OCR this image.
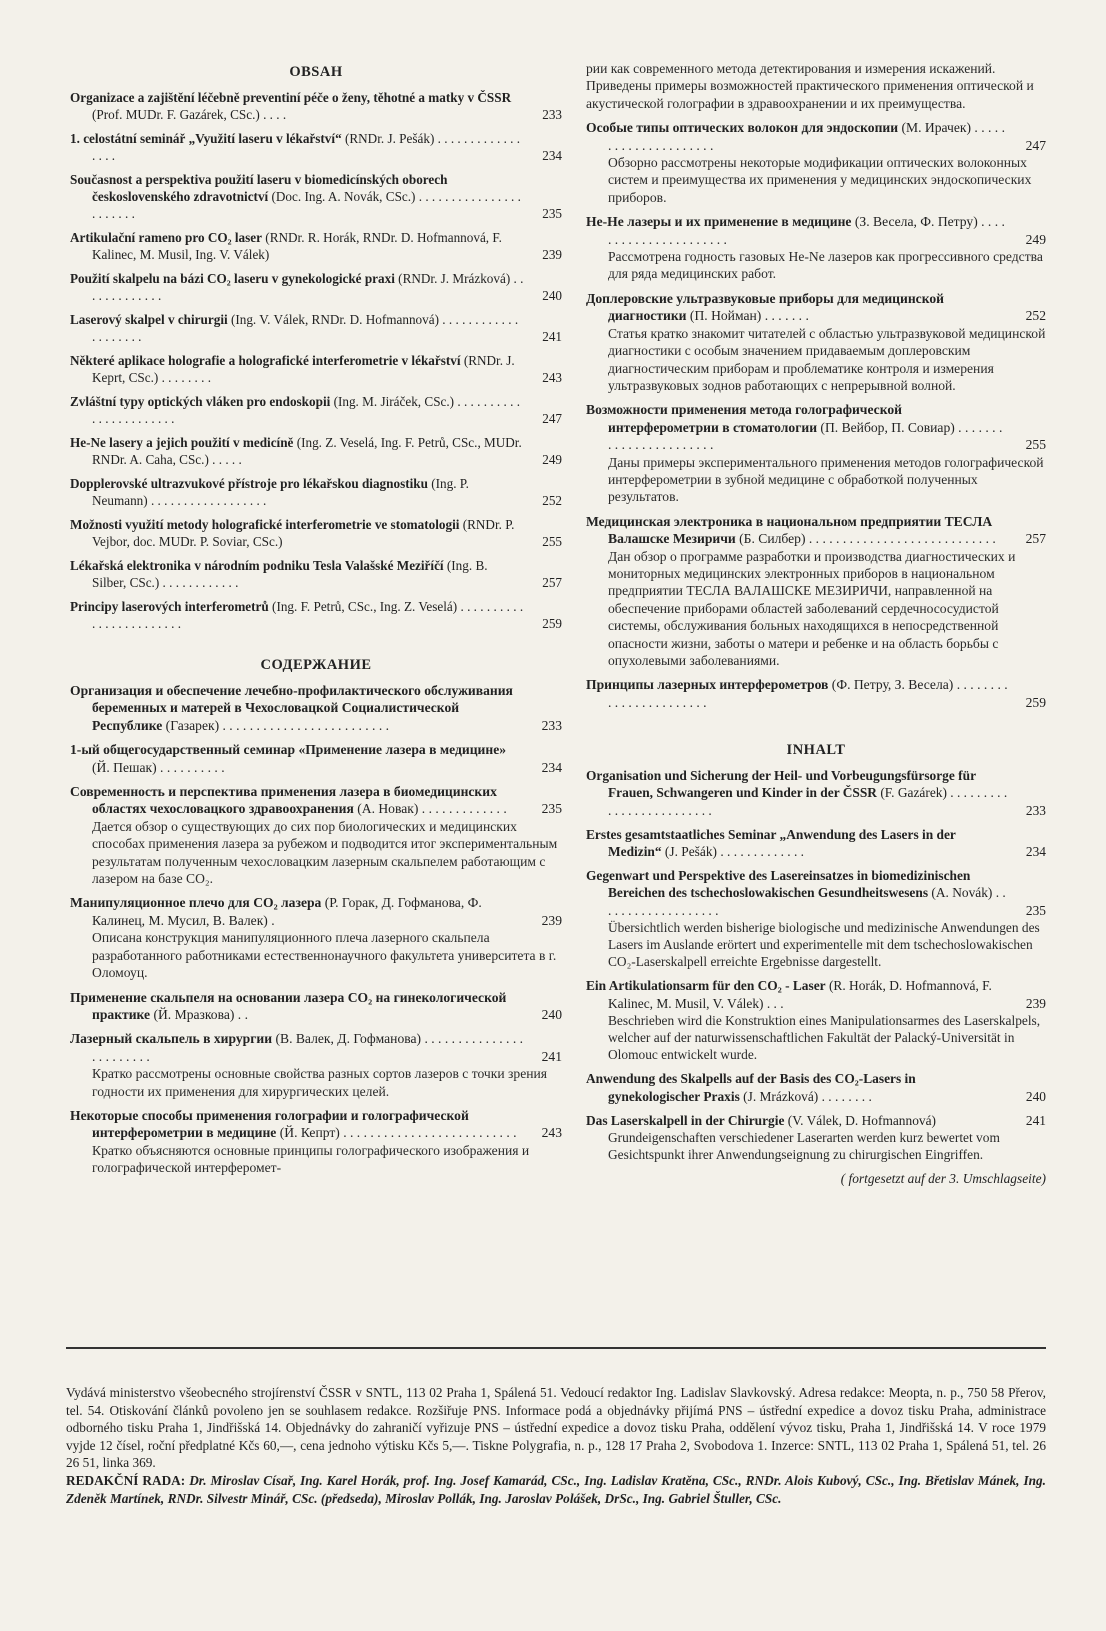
OBSAH
Organizace a zajištění léčebně preventiní péče o ženy, těhotné a matky v ČSSR (Prof. MUDr. F. Gazárek, CSc.) . . . .	233
1. celostátní seminář „Využití laseru v lékařství“ (RNDr. J. Pešák) . . . . . . . . . . . . . . . . .	234
Současnost a perspektiva použití laseru v biomedicínských oborech československého zdravotnictví (Doc. Ing. A. Novák, CSc.) . . . . . . . . . . . . . . . . . . . . . . .	235
Artikulační rameno pro CO₂ laser (RNDr. R. Horák, RNDr. D. Hofmannová, F. Kalinec, M. Musil, Ing. V. Válek)	239
Použití skalpelu na bázi CO₂ laseru v gynekologické praxi (RNDr. J. Mrázková) . . . . . . . . . . . . .	240
Laserový skalpel v chirurgii (Ing. V. Válek, RNDr. D. Hofmannová) . . . . . . . . . . . . . . . . . . . .	241
Některé aplikace holografie a holografické interferometrie v lékařství (RNDr. J. Keprt, CSc.) . . . . . . . .	243
Zvláštní typy optických vláken pro endoskopii (Ing. M. Jiráček, CSc.) . . . . . . . . . . . . . . . . . . . . . . .	247
He-Ne lasery a jejich použití v medicíně (Ing. Z. Veselá, Ing. F. Petrů, CSc., MUDr. RNDr. A. Caha, CSc.) . . . . .	249
Dopplerovské ultrazvukové přístroje pro lékařskou diagnostiku (Ing. P. Neumann) . . . . . . . . . . . . . . . . . .	252
Možnosti využití metody holografické interferometrie ve stomatologii (RNDr. P. Vejbor, doc. MUDr. P. Soviar, CSc.)	255
Lékařská elektronika v národním podniku Tesla Valašské Meziříčí (Ing. B. Silber, CSc.) . . . . . . . . . . . .	257
Principy laserových interferometrů (Ing. F. Petrů, CSc., Ing. Z. Veselá) . . . . . . . . . . . . . . . . . . . . . . . .	259
СОДЕРЖАНИЕ
Организация и обеспечение лечебно-профилактического обслуживания беременных и матерей в Чехословацкой Социалистической Республике (Газарек) . . . . . . . . . . . . . . . . . . . . . . . . .	233
1-ый общегосударственный семинар «Применение лазера в медицине» (Й. Пешак) . . . . . . . . . .	234
Современность и перспектива применения лазера в биомедицинских областях чехословацкого здравоохранения (А. Новак) . . . . . . . . . . . . .	235
Дается обзор о существующих до сих пор биологических и медицинских способах применения лазера за рубежом и подводится итог экспериментальным результатам полученным чехословацким лазерным скальпелем работающим с лазером на базе CO₂.
Манипуляционное плечо для CO₂ лазера (Р. Горак, Д. Гофманова, Ф. Калинец, М. Мусил, В. Валек) .	239
Описана конструкция манипуляционного плеча лазерного скальпела разработанного работниками естественнонаучного факультета университета в г. Оломоуц.
Применение скальпеля на основании лазера CO₂ на гинекологической практике (Й. Мразкова) . .	240
Лазерный скальпель в хирургии (В. Валек, Д. Гофманова) . . . . . . . . . . . . . . . . . . . . . . . .	241
Кратко рассмотрены основные свойства разных сортов лазеров с точки зрения годности их применения для хирургических целей.
Некоторые способы применения голографии и голографической интерферометрии в медицине (Й. Кепрт) . . . . . . . . . . . . . . . . . . . . . . . . . .	243
Кратко объясняются основные принципы голографического изображения и голографической интерферомет-
рии как современного метода детектирования и измерения искажений. Приведены примеры возможностей практического применения оптической и акустической голографии в здравоохранении и их преимущества.
Особые типы оптических волокон для эндоскопии (М. Ирачек) . . . . . . . . . . . . . . . . . . . . .	247
Обзорно рассмотрены некоторые модификации оптических волоконных систем и преимущества их применения у медицинских эндоскопических приборов.
Не-Не лазеры и их применение в медицине (З. Весела, Ф. Петру) . . . . . . . . . . . . . . . . . . . . . .	249
Рассмотрена годность газовых He-Ne лазеров как прогрессивного средства для ряда медицинских работ.
Доплеровские ультразвуковые приборы для медицинской диагностики (П. Нойман) . . . . . . .	252
Статья кратко знакомит читателей с областью ультразвуковой медицинской диагностики с особым значением придаваемым доплеровским диагностическим приборам и проблематике контроля и измерения ультразвуковых зоднов работающих с непрерывной волной.
Возможности применения метода голографической интерферометрии в стоматологии (П. Вейбор, П. Совиар) . . . . . . . . . . . . . . . . . . . . . . .	255
Даны примеры экспериментального применения методов голографической интерферометрии в зубной медицине с обработкой полученных результатов.
Медицинская электроника в национальном предприятии ТЕСЛА Валашске Мезиричи (Б. Силбер) . . . . . . . . . . . . . . . . . . . . . . . . . . . .	257
Дан обзор о программе разработки и производства диагностических и мониторных медицинских электронных приборов в национальном предприятии ТЕСЛА ВАЛАШСКЕ МЕЗИРИЧИ, направленной на обеспечение приборами областей заболеваний сердечнососудистой системы, обслуживания больных находящихся в непосредственной опасности жизни, заботы о матери и ребенке и на область борьбы с опухолевыми заболеваниями.
Принципы лазерных интерферометров (Ф. Петру, З. Весела) . . . . . . . . . . . . . . . . . . . . . . .	259
INHALT
Organisation und Sicherung der Heil- und Vorbeugungsfürsorge für Frauen, Schwangeren und Kinder in der ČSSR (F. Gazárek) . . . . . . . . . . . . . . . . . . . . . . . . .	233
Erstes gesamtstaatliches Seminar „Anwendung des Lasers in der Medizin“ (J. Pešák) . . . . . . . . . . . . .	234
Gegenwart und Perspektive des Lasereinsatzes in biomedizinischen Bereichen des tschechoslowakischen Gesundheitswesens (A. Novák) . . . . . . . . . . . . . . . . . . .	235
Übersichtlich werden bisherige biologische und medizinische Anwendungen des Lasers im Auslande erörtert und experimentelle mit dem tschechoslowakischen CO₂-Laserskalpell erreichte Ergebnisse dargestellt.
Ein Artikulationsarm für den CO₂ - Laser (R. Horák, D. Hofmannová, F. Kalinec, M. Musil, V. Válek) . . .	239
Beschrieben wird die Konstruktion eines Manipulationsarmes des Laserskalpels, welcher auf der naturwissenschaftlichen Fakultät der Palacký-Universität in Olomouc entwickelt wurde.
Anwendung des Skalpells auf der Basis des CO₂-Lasers in gynekologischer Praxis (J. Mrázková) . . . . . . . .	240
Das Laserskalpell in der Chirurgie (V. Válek, D. Hofmannová)	241
Grundeigenschaften verschiedener Laserarten werden kurz bewertet vom Gesichtspunkt ihrer Anwendungseignung zu chirurgischen Eingriffen.
( fortgesetzt auf der 3. Umschlagseite)
Vydává ministerstvo všeobecného strojírenství ČSSR v SNTL, 113 02 Praha 1, Spálená 51. Vedoucí redaktor Ing. Ladislav Slavkovský. Adresa redakce: Meopta, n. p., 750 58 Přerov, tel. 54. Otiskování článků povoleno jen se souhlasem redakce. Rozšiřuje PNS. Informace podá a objednávky přijímá PNS – ústřední expedice a dovoz tisku Praha, administrace odborného tisku Praha 1, Jindřišská 14. Objednávky do zahraničí vyřizuje PNS – ústřední expedice a dovoz tisku Praha, oddělení vývoz tisku, Praha 1, Jindřišská 14. V roce 1979 vyjde 12 čísel, roční předplatné Kčs 60,—, cena jednoho výtisku Kčs 5,—. Tiskne Polygrafia, n. p., 128 17 Praha 2, Svobodova 1. Inzerce: SNTL, 113 02 Praha 1, Spálená 51, tel. 26 26 51, linka 369.
REDAKČNÍ RADA: Dr. Miroslav Císař, Ing. Karel Horák, prof. Ing. Josef Kamarád, CSc., Ing. Ladislav Kratěna, CSc., RNDr. Alois Kubový, CSc., Ing. Břetislav Mánek, Ing. Zdeněk Martínek, RNDr. Silvestr Minář, CSc. (předseda), Miroslav Pollák, Ing. Jaroslav Polášek, DrSc., Ing. Gabriel Štuller, CSc.
